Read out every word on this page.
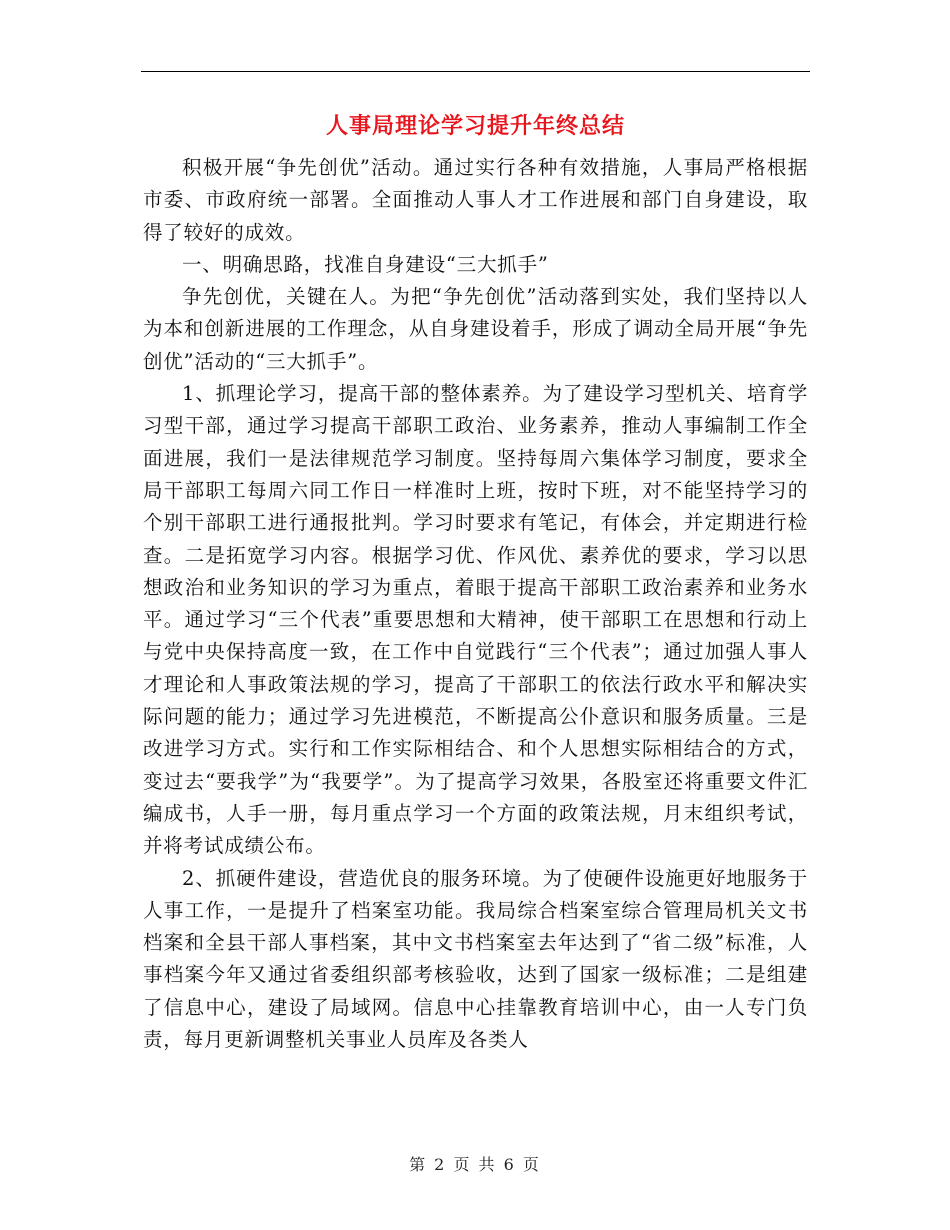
人事局理论学习提升年终总结

积极开展“争先创优”活动。通过实行各种有效措施，人事局严格根据市委、市政府统一部署。全面推动人事人才工作进展和部门自身建设，取得了较好的成效。

一、明确思路，找准自身建设“三大抓手”

争先创优，关键在人。为把“争先创优”活动落到实处，我们坚持以人为本和创新进展的工作理念，从自身建设着手，形成了调动全局开展“争先创优”活动的“三大抓手”。

1、抓理论学习，提高干部的整体素养。为了建设学习型机关、培育学习型干部，通过学习提高干部职工政治、业务素养，推动人事编制工作全面进展，我们一是法律规范学习制度。坚持每周六集体学习制度，要求全局干部职工每周六同工作日一样准时上班，按时下班，对不能坚持学习的个别干部职工进行通报批判。学习时要求有笔记，有体会，并定期进行检查。二是拓宽学习内容。根据学习优、作风优、素养优的要求，学习以思想政治和业务知识的学习为重点，着眼于提高干部职工政治素养和业务水平。通过学习“三个代表”重要思想和大精神，使干部职工在思想和行动上与党中央保持高度一致，在工作中自觉践行“三个代表”；通过加强人事人才理论和人事政策法规的学习，提高了干部职工的依法行政水平和解决实际问题的能力；通过学习先进模范，不断提高公仆意识和服务质量。三是改进学习方式。实行和工作实际相结合、和个人思想实际相结合的方式，变过去“要我学”为“我要学”。为了提高学习效果，各股室还将重要文件汇编成书，人手一册，每月重点学习一个方面的政策法规，月末组织考试，并将考试成绩公布。

2、抓硬件建设，营造优良的服务环境。为了使硬件设施更好地服务于人事工作，一是提升了档案室功能。我局综合档案室综合管理局机关文书档案和全县干部人事档案，其中文书档案室去年达到了“省二级”标准，人事档案今年又通过省委组织部考核验收，达到了国家一级标准；二是组建了信息中心，建设了局域网。信息中心挂靠教育培训中心，由一人专门负责，每月更新调整机关事业人员库及各类人

第 2 页 共 6 页
